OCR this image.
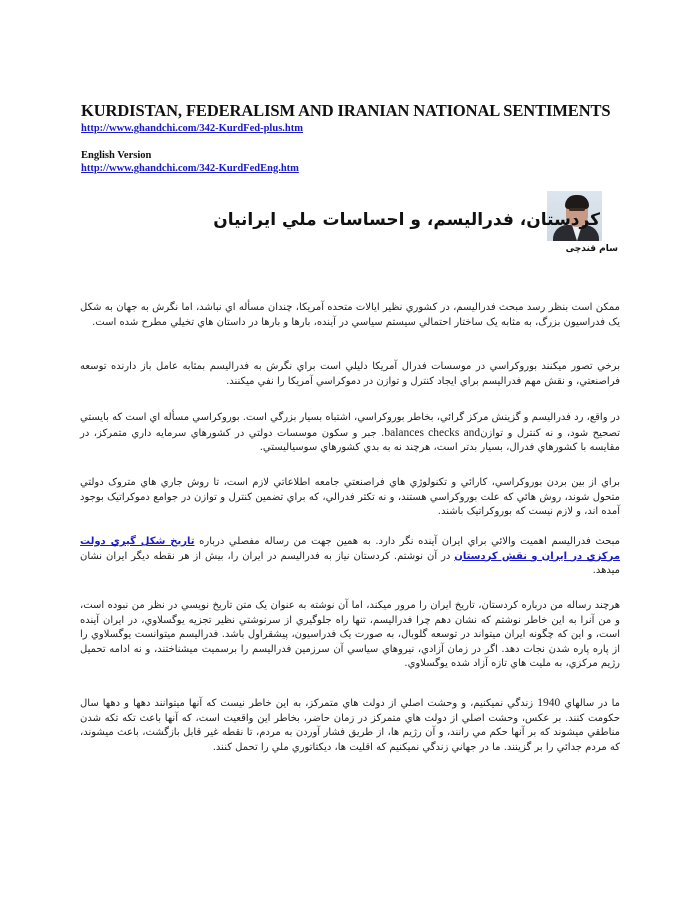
KURDISTAN, FEDERALISM AND IRANIAN NATIONAL SENTIMENTS
http://www.ghandchi.com/342-KurdFed-plus.htm
English Version
http://www.ghandchi.com/342-KurdFedEng.htm
کردستان، فدراليسم، و احساسات ملي ايرانيان
سام قندچی

ممکن است بنظر رسد مبحث فدراليسم، در کشوري نظير ايالات متحده آمريکا، چندان مسأله اي نباشد، اما نگرش به جهان به شکل يک فدراسيون بزرگ، به مثابه يک ساختار احتمالي سيستم سياسي در آينده، بارها و بارها در داستان هاي تخيلي مطرح شده است.

برخي تصور ميکنند بوروکراسي در موسسات فدرال آمريکا دليلي است براي نگرش به فدراليسم بمثابه عامل باز دارنده توسعه فراصنعتي، و نقش مهم فدراليسم براي ايجاد کنترل و توازن در دموکراسي آمريکا را نفي ميکنند.

در واقع، رد فدراليسم و گزينش مرکز گرائي، بخاطر بوروکراسي، اشتباه بسيار بزرگي است. بوروکراسي مسأله اي است که بايستي تصحيح شود، و نه کنترل و توازنbalances checks and. جبر و سکون موسسات دولتي در کشورهاي سرمايه داري متمرکز، در مقايسه با کشورهاي فدرال، بسيار بدتر است، هرچند نه به بدي کشورهاي سوسياليستي.

براي از بين بردن بوروکراسي، کارائي و تکنولوژي هاي فراصنعتي جامعه اطلاعاتي لازم است، تا روش جاري هاي متروک دولتي متحول شوند، روش هائي که علت بوروکراسي هستند، و نه تکثر فدرالي، که براي تضمين کنترل و توازن در جوامع دموکراتيک بوجود آمده اند، و لازم نيست که بوروکراتيک باشند.

مبحث فدراليسم اهميت والائي براي ايران آينده نگر دارد. به همين جهت من رساله مفصلي درباره تاريخ شکل گيري دولت مرکزي در ايران و نقش کردستان در آن نوشتم. کردستان نياز به فدراليسم در ايران را، بيش از هر نقطه ديگر ايران نشان ميدهد.

هرچند رساله من درباره کردستان، تاريخ ايران را مرور ميکند، اما آن نوشته به عنوان يک متن تاريخ نويسي در نظر من نبوده است، و من آنرا به اين خاطر نوشتم که نشان دهم چرا فدراليسم، تنها راه جلوگيري از سرنوشتي نظير تجزيه يوگسلاوي، در ايران آينده است، و اين که چگونه ايران ميتواند در توسعه گلوبال، به صورت يک فدراسيون، پيشقراول باشد. فدراليسم ميتوانست يوگسلاوي را از پاره پاره شدن نجات دهد. اگر در زمان آزادي، نيروهاي سياسي آن سرزمين فدراليسم را برسميت ميشناختند، و نه ادامه تحميل رژيم مرکزي، به مليت هاي تازه آزاد شده يوگسلاوي.

ما در سالهاي 1940 زندگي نميکنيم، و وحشت اصلي از دولت هاي متمرکز، به اين خاطر نيست که آنها ميتوانند دهها و دهها سال حکومت کنند. بر عکس، وحشت اصلي از دولت هاي متمرکز در زمان حاضر، بخاطر اين واقعيت است، که آنها باعث تکه تکه شدن مناطقي ميشوند که بر آنها حکم مي رانند، و آن رژيم ها، از طريق فشار آوردن به مردم، تا نقطه غير قابل بازگشت، باعث ميشوند، که مردم جدائي را بر گزينند. ما در جهاني زندگي نميکنيم که اقليت ها، ديکتاتوري ملي را تحمل کنند.
